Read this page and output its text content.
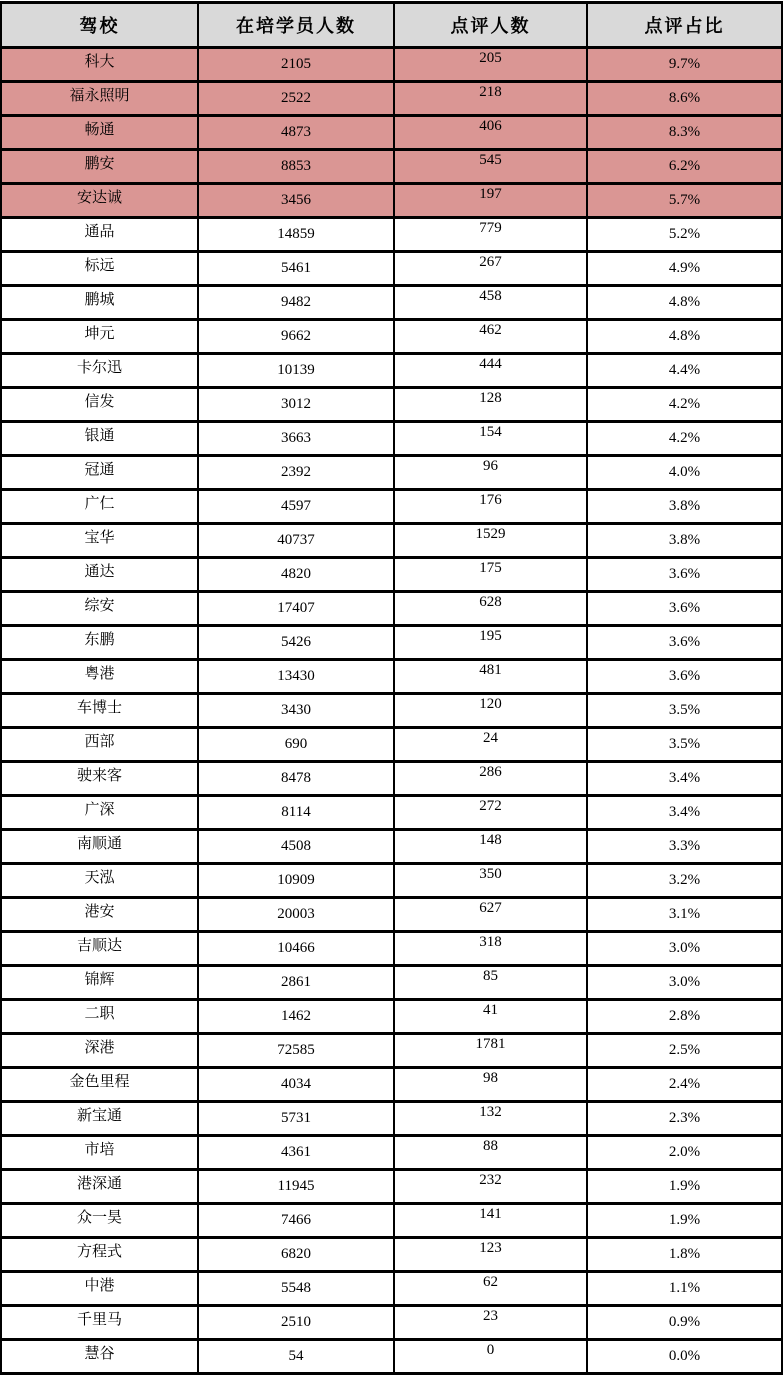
驾校	在培学员人数	点评人数	点评占比
科大	2105	205	9.7%
福永照明	2522	218	8.6%
畅通	4873	406	8.3%
鹏安	8853	545	6.2%
安达诚	3456	197	5.7%
通品	14859	779	5.2%
标远	5461	267	4.9%
鹏城	9482	458	4.8%
坤元	9662	462	4.8%
卡尔迅	10139	444	4.4%
信发	3012	128	4.2%
银通	3663	154	4.2%
冠通	2392	96	4.0%
广仁	4597	176	3.8%
宝华	40737	1529	3.8%
通达	4820	175	3.6%
综安	17407	628	3.6%
东鹏	5426	195	3.6%
粤港	13430	481	3.6%
车博士	3430	120	3.5%
西部	690	24	3.5%
驶来客	8478	286	3.4%
广深	8114	272	3.4%
南顺通	4508	148	3.3%
天泓	10909	350	3.2%
港安	20003	627	3.1%
吉顺达	10466	318	3.0%
锦辉	2861	85	3.0%
二职	1462	41	2.8%
深港	72585	1781	2.5%
金色里程	4034	98	2.4%
新宝通	5731	132	2.3%
市培	4361	88	2.0%
港深通	11945	232	1.9%
众一昊	7466	141	1.9%
方程式	6820	123	1.8%
中港	5548	62	1.1%
千里马	2510	23	0.9%
慧谷	54	0	0.0%
